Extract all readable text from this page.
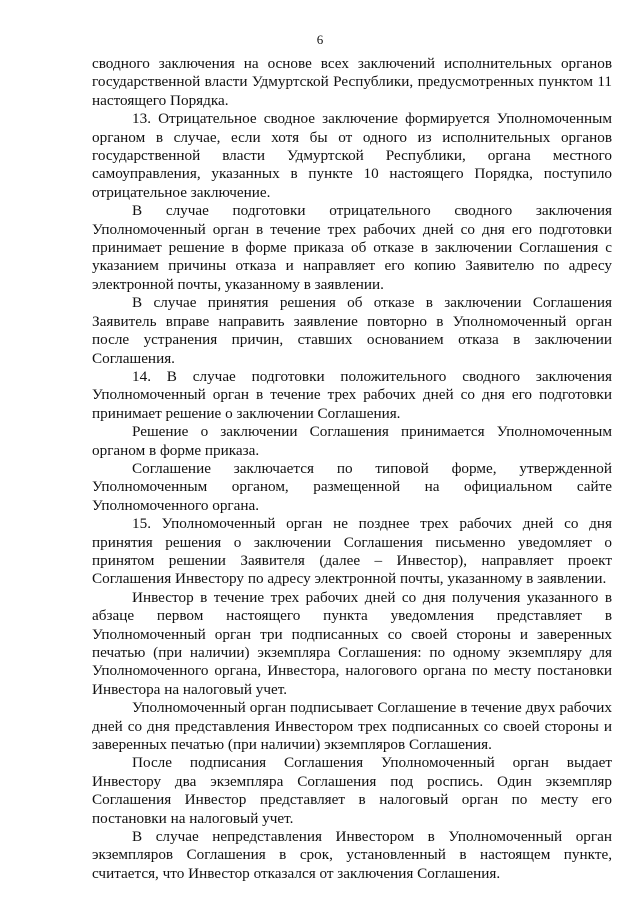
6

сводного заключения на основе всех заключений исполнительных органов государственной власти Удмуртской Республики, предусмотренных пунктом 11 настоящего Порядка.

13. Отрицательное сводное заключение формируется Уполномоченным органом в случае, если хотя бы от одного из исполнительных органов государственной власти Удмуртской Республики, органа местного самоуправления, указанных в пункте 10 настоящего Порядка, поступило отрицательное заключение.

В случае подготовки отрицательного сводного заключения Уполномоченный орган в течение трех рабочих дней со дня его подготовки принимает решение в форме приказа об отказе в заключении Соглашения с указанием причины отказа и направляет его копию Заявителю по адресу электронной почты, указанному в заявлении.

В случае принятия решения об отказе в заключении Соглашения Заявитель вправе направить заявление повторно в Уполномоченный орган после устранения причин, ставших основанием отказа в заключении Соглашения.

14. В случае подготовки положительного сводного заключения Уполномоченный орган в течение трех рабочих дней со дня его подготовки принимает решение о заключении Соглашения.

Решение о заключении Соглашения принимается Уполномоченным органом в форме приказа.

Соглашение заключается по типовой форме, утвержденной Уполномоченным органом, размещенной на официальном сайте Уполномоченного органа.

15. Уполномоченный орган не позднее трех рабочих дней со дня принятия решения о заключении Соглашения письменно уведомляет о принятом решении Заявителя (далее – Инвестор), направляет проект Соглашения Инвестору по адресу электронной почты, указанному в заявлении.

Инвестор в течение трех рабочих дней со дня получения указанного в абзаце первом настоящего пункта уведомления представляет в Уполномоченный орган три подписанных со своей стороны и заверенных печатью (при наличии) экземпляра Соглашения: по одному экземпляру для Уполномоченного органа, Инвестора, налогового органа по месту постановки Инвестора на налоговый учет.

Уполномоченный орган подписывает Соглашение в течение двух рабочих дней со дня представления Инвестором трех подписанных со своей стороны и заверенных печатью (при наличии) экземпляров Соглашения.

После подписания Соглашения Уполномоченный орган выдает Инвестору два экземпляра Соглашения под роспись. Один экземпляр Соглашения Инвестор представляет в налоговый орган по месту его постановки на налоговый учет.

В случае непредставления Инвестором в Уполномоченный орган экземпляров Соглашения в срок, установленный в настоящем пункте, считается, что Инвестор отказался от заключения Соглашения.
